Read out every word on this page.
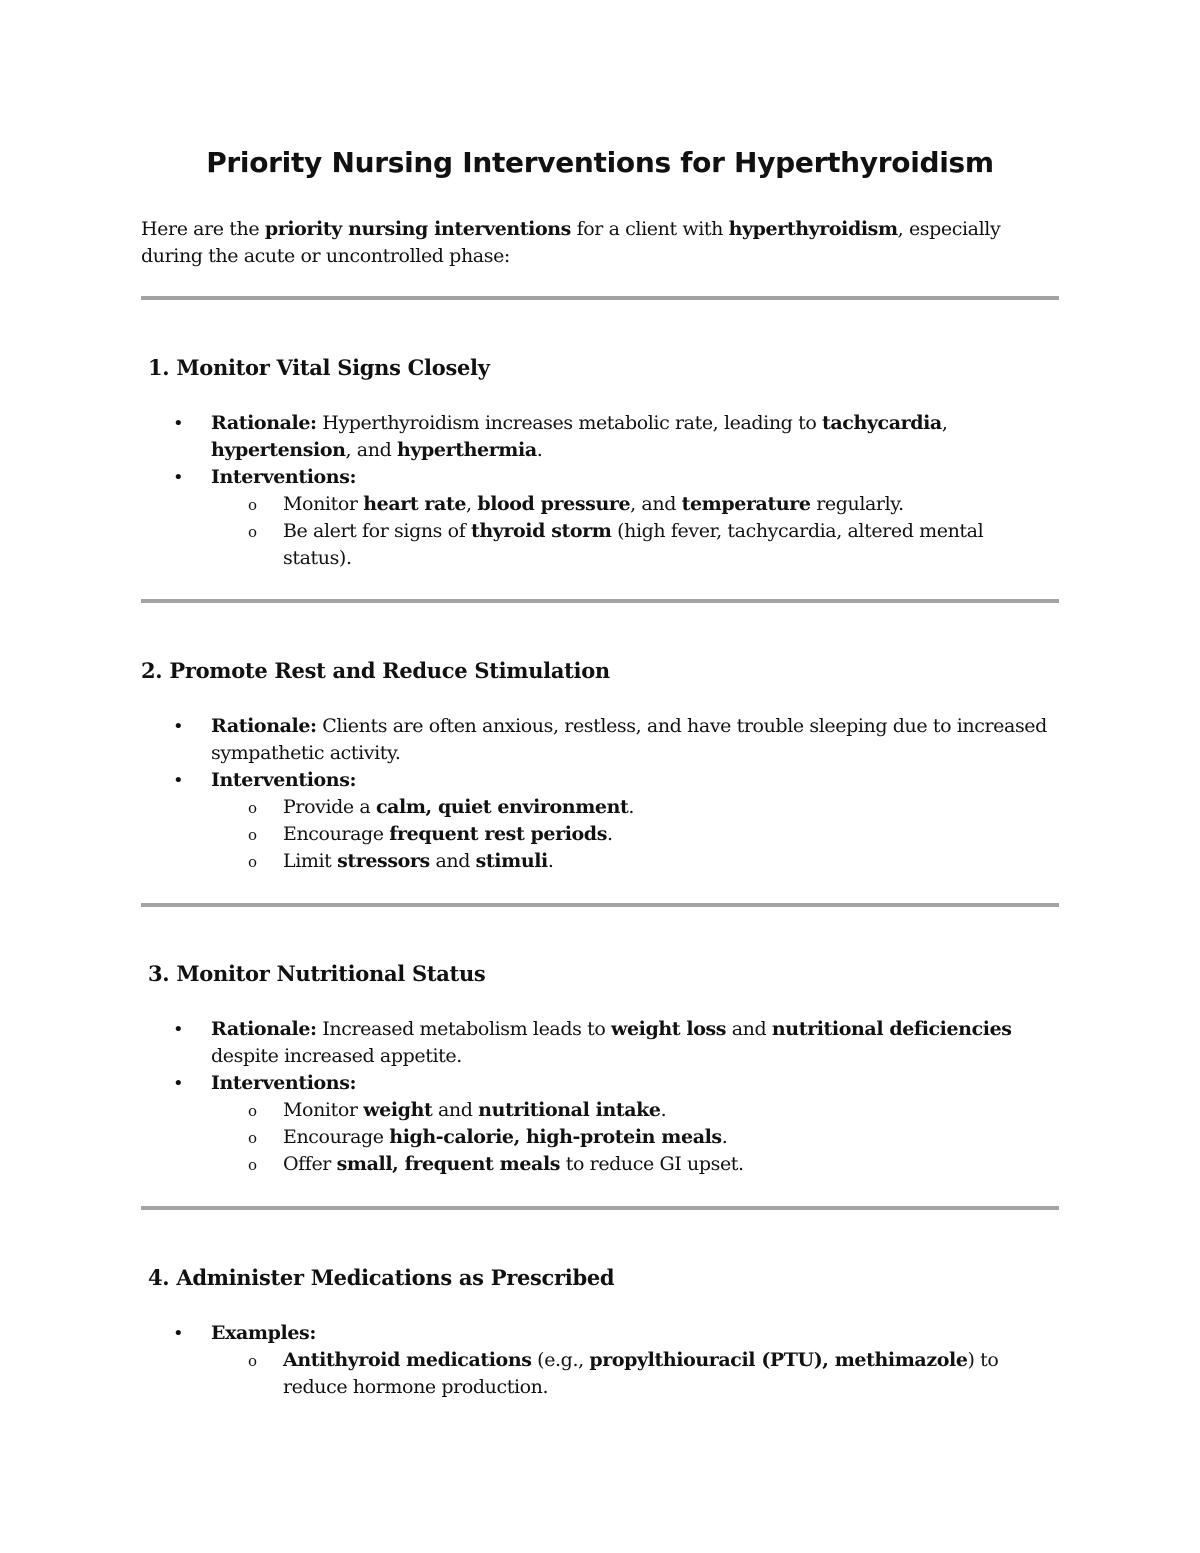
Priority Nursing Interventions for Hyperthyroidism
Here are the priority nursing interventions for a client with hyperthyroidism, especially during the acute or uncontrolled phase:
1. Monitor Vital Signs Closely
• Rationale: Hyperthyroidism increases metabolic rate, leading to tachycardia, hypertension, and hyperthermia.
• Interventions:
o Monitor heart rate, blood pressure, and temperature regularly.
o Be alert for signs of thyroid storm (high fever, tachycardia, altered mental status).
2. Promote Rest and Reduce Stimulation
• Rationale: Clients are often anxious, restless, and have trouble sleeping due to increased sympathetic activity.
• Interventions:
o Provide a calm, quiet environment.
o Encourage frequent rest periods.
o Limit stressors and stimuli.
3. Monitor Nutritional Status
• Rationale: Increased metabolism leads to weight loss and nutritional deficiencies despite increased appetite.
• Interventions:
o Monitor weight and nutritional intake.
o Encourage high-calorie, high-protein meals.
o Offer small, frequent meals to reduce GI upset.
4. Administer Medications as Prescribed
• Examples:
o Antithyroid medications (e.g., propylthiouracil (PTU), methimazole) to reduce hormone production.
